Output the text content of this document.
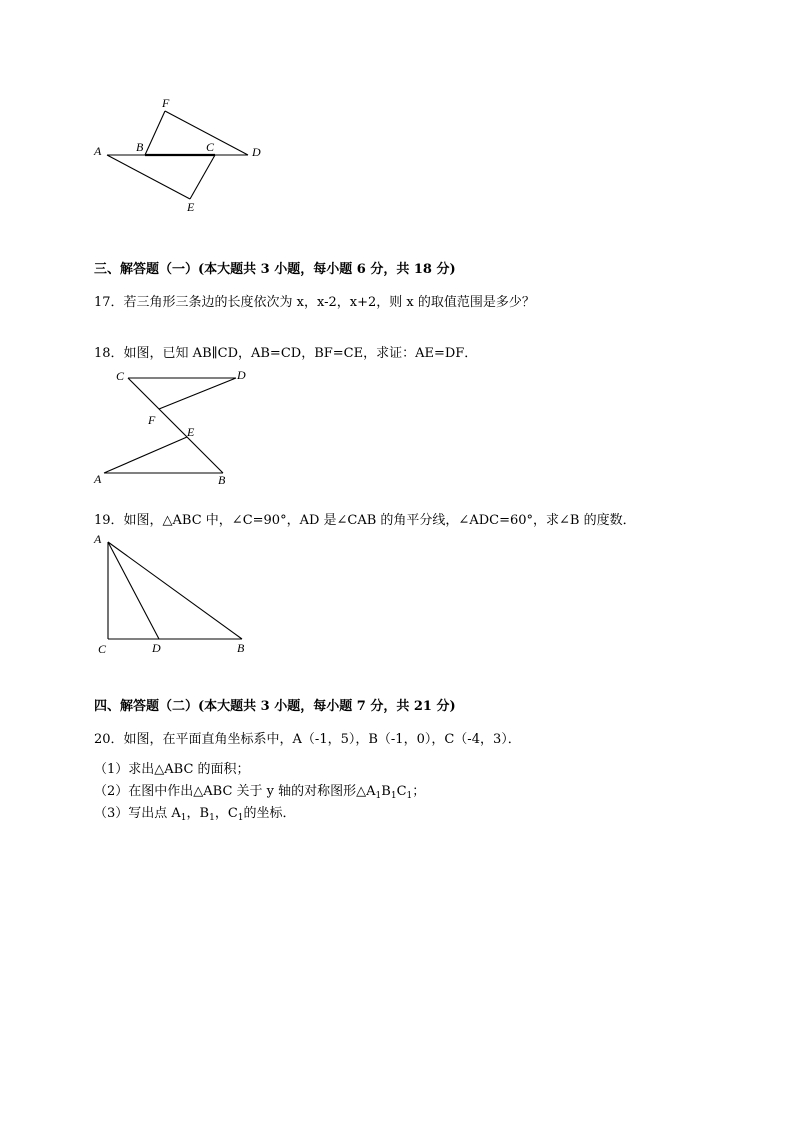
A	B	C	D
E
F
三、解答题（一）(本大题共 3 小题，每小题 6 分，共 18 分)
17．若三角形三条边的长度依次为 x，x-2，x+2，则 x 的取值范围是多少？
18．如图，已知 AB∥CD，AB=CD，BF=CE，求证：AE=DF．
C	D
F
E
A	B
19．如图，△ABC 中，∠C=90°，AD 是∠CAB 的角平分线，∠ADC=60°，求∠B 的度数．
A
C	D	B
四、解答题（二）(本大题共 3 小题，每小题 7 分，共 21 分)
20．如图，在平面直角坐标系中，A（-1，5），B（-1，0），C（-4，3）．
（1）求出△ABC 的面积；
（2）在图中作出△ABC 关于 y 轴的对称图形$\triangle A_1B_1C_1$；
（3）写出点 $A_1$，$B_1$，$C_1$的坐标．
